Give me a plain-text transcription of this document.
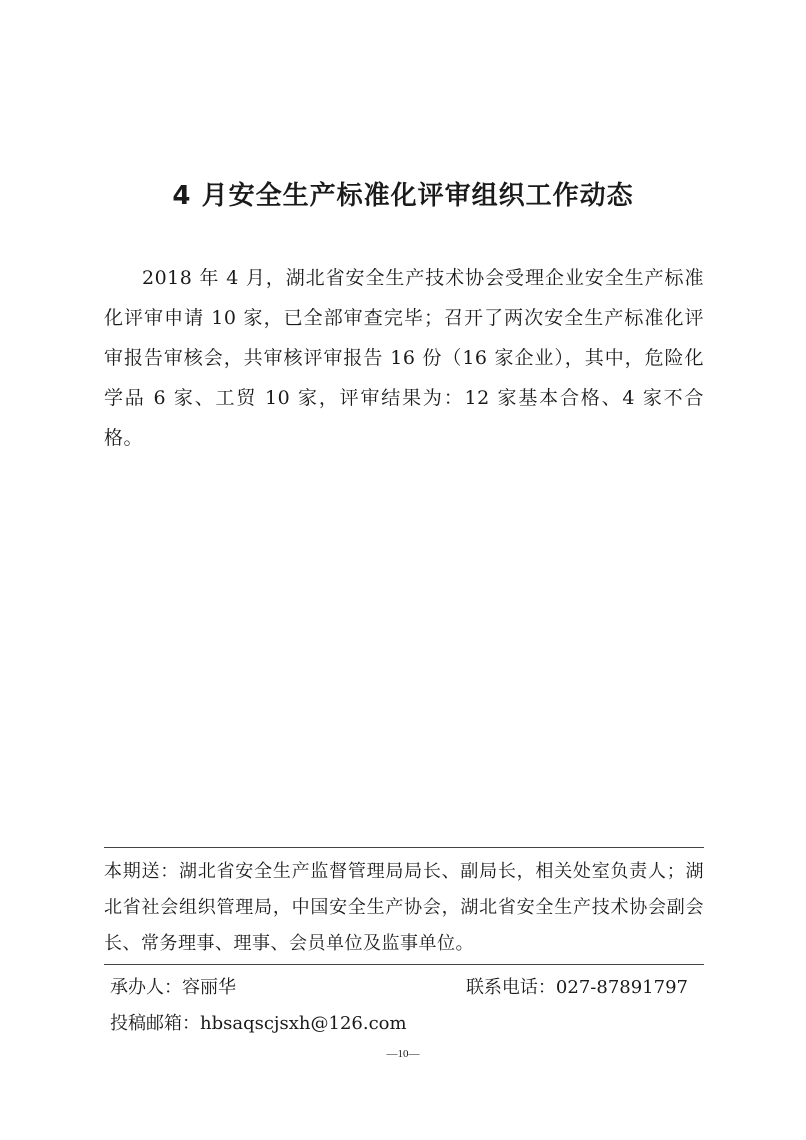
4 月安全生产标准化评审组织工作动态
2018 年 4 月，湖北省安全生产技术协会受理企业安全生产标准化评审申请 10 家，已全部审查完毕；召开了两次安全生产标准化评审报告审核会，共审核评审报告 16 份（16 家企业），其中，危险化学品 6 家、工贸 10 家，评审结果为：12 家基本合格、4 家不合格。
本期送：湖北省安全生产监督管理局局长、副局长，相关处室负责人；湖北省社会组织管理局，中国安全生产协会，湖北省安全生产技术协会副会长、常务理事、理事、会员单位及监事单位。
承办人：容丽华	联系电话：027-87891797
投稿邮箱：hbsaqscjsxh@126.com
—10—
